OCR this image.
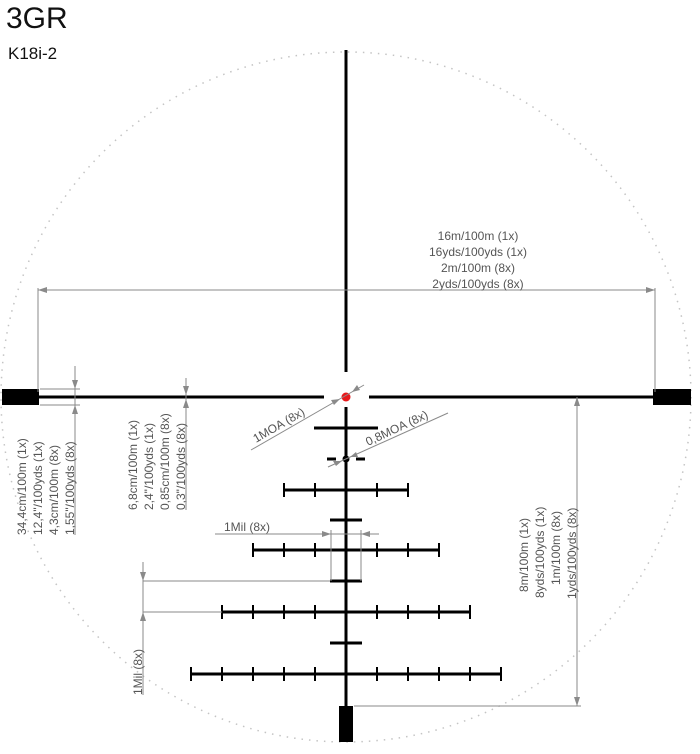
3GR
K18i-2
16m/100m (1x)
16yds/100yds (1x)
2m/100m (8x)
2yds/100yds (8x)
34,4cm/100m (1x) 12,4"/100yds (1x) 4,3cm/100m (8x) 1,55"/100yds (8x)	6,8cm/100m (1x) 2,4"/100yds (1x) 0,85cm/100m (8x) 0,3"/100yds (8x)	1MOA (8x)	0,8MOA (8x)
1Mil (8x)
1Mil (8x)
8m/100m (1x) 8yds/100yds (1x) 1m/100m (8x) 1yds/100yds (8x)
